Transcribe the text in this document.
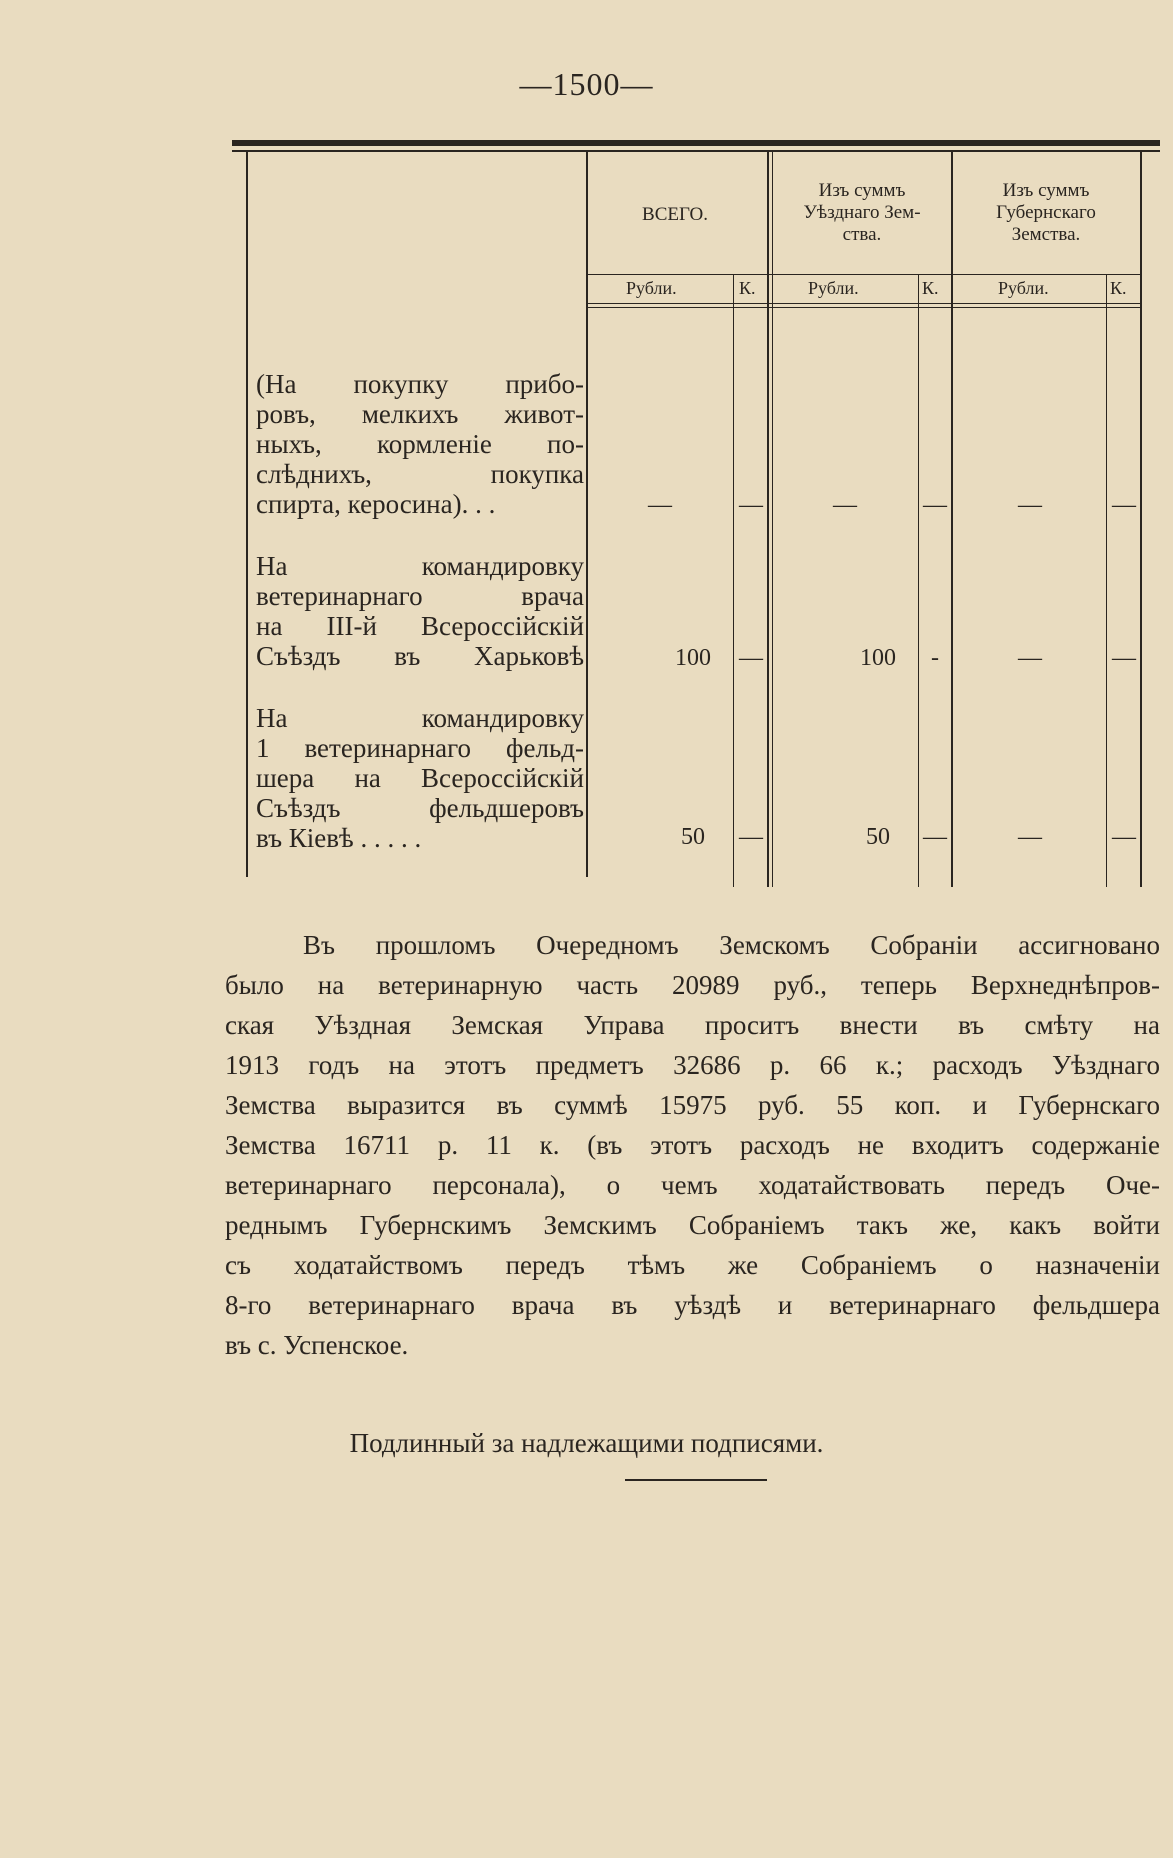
—1500—
ВСЕГО.
Изъ суммъ
Уѣзднаго Зем-
ства.
Изъ суммъ
Губернскаго
Земства.
Рубли.	К.	Рубли.	К.	Рубли.	К.
(На покупку прибо-
ровъ, мелкихъ живот-
ныхъ, кормленіе по-
слѣднихъ, покупка
спирта, керосина). . .	—	—	—	—	—	—
На командировку
ветеринарнаго врача
на III-й Всероссійскій
Съѣздъ въ Харьковѣ	100	—	100	-	—	—
На командировку
1 ветеринарнаго фельд-
шера на Всероссійскій
Съѣздъ фельдшеровъ
въ Кіевѣ . . . . .	50	—	50	—	—	—
Въ прошломъ Очередномъ Земскомъ Собраніи ассигновано
было на ветеринарную часть 20989 руб., теперь Верхнеднѣпров-
ская Уѣздная Земская Управа проситъ внести въ смѣту на
1913 годъ на этотъ предметъ 32686 р. 66 к.; расходъ Уѣзднаго
Земства выразится въ суммѣ 15975 руб. 55 коп. и Губернскаго
Земства 16711 р. 11 к. (въ этотъ расходъ не входитъ содержаніе
ветеринарнаго персонала), о чемъ ходатайствовать передъ Оче-
реднымъ Губернскимъ Земскимъ Собраніемъ такъ же, какъ войти
съ ходатайствомъ передъ тѣмъ же Собраніемъ о назначеніи
8-го ветеринарнаго врача въ уѣздѣ и ветеринарнаго фельдшера
въ с. Успенское.
Подлинный за надлежащими подписями.
